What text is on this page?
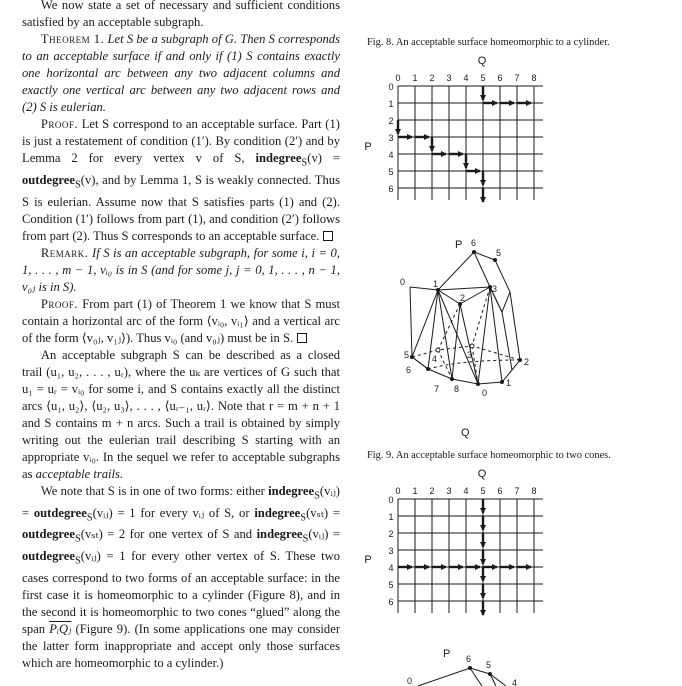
We now state a set of necessary and sufficient conditions satisfied by an acceptable subgraph.

Theorem 1. Let S be a subgraph of G. Then S corresponds to an acceptable surface if and only if (1) S contains exactly one horizontal arc between any two adjacent columns and exactly one vertical arc between any two adjacent rows and (2) S is eulerian.

Proof. Let S correspond to an acceptable surface. Part (1) is just a restatement of condition (1′). By condition (2′) and by Lemma 2 for every vertex v of S, indegree$_S$(v) = outdegree$_S$(v), and by Lemma 1, S is weakly connected. Thus S is eulerian. Assume now that S satisfies parts (1) and (2). Condition (1′) follows from part (1), and condition (2′) follows from part (2). Thus S corresponds to an acceptable surface.

Remark. If S is an acceptable subgraph, for some i, i = 0, 1, . . . , m − 1, vᵢ₀ is in S (and for some j, j = 0, 1, . . . , n − 1, v₀ⱼ is in S).

Proof. From part (1) of Theorem 1 we know that S must contain a horizontal arc of the form ⟨vᵢ₀, vᵢ₁⟩ and a vertical arc of the form ⟨v₀ⱼ, v₁ⱼ⟩). Thus vᵢ₀ (and v₀ⱼ) must be in S.

An acceptable subgraph S can be described as a closed trail (u₁, u₂, . . . , uᵣ), where the uₖ are vertices of G such that u₁ = uᵣ = vᵢ₀ for some i, and S contains exactly all the distinct arcs ⟨u₁, u₂⟩, ⟨u₂, u₃⟩, . . . , ⟨uᵣ₋₁, uᵣ⟩. Note that r = m + n + 1 and S contains m + n arcs. Such a trail is obtained by simply writing out the eulerian trail describing S starting with an appropriate vᵢ₀. In the sequel we refer to acceptable subgraphs as acceptable trails.

We note that S is in one of two forms: either indegree$_S$(vᵢⱼ) = outdegree$_S$(vᵢⱼ) = 1 for every vᵢⱼ of S, or indegree$_S$(vₛₜ) = outdegree$_S$(vₛₜ) = 2 for one vertex of S and indegree$_S$(vᵢⱼ) = outdegree$_S$(vᵢⱼ) = 1 for every other vertex of S. These two cases correspond to two forms of an acceptable surface: in the first case it is homeomorphic to a cylinder (Figure 8), and in the second it is homeomorphic to two cones “glued” along the span PᵢQⱼ (Figure 9). (In some applications one may consider the latter form inappropriate and accept only those surfaces which are homeomorphic to a cylinder.)

Fig. 8. An acceptable surface homeomorphic to a cylinder.
Fig. 9. An acceptable surface homeomorphic to two cones.
Q
P
0 1 2 3 4 5 6 7 8
0
1
2
3
4
5
6
P
Q
6
5
0	1
2
3
5
6
7 8	0
1
2
4	3
Q
P
0 1 2 3 4 5 6 7 8
0
1
2
3
4
5
6
P 6
5
0	4
